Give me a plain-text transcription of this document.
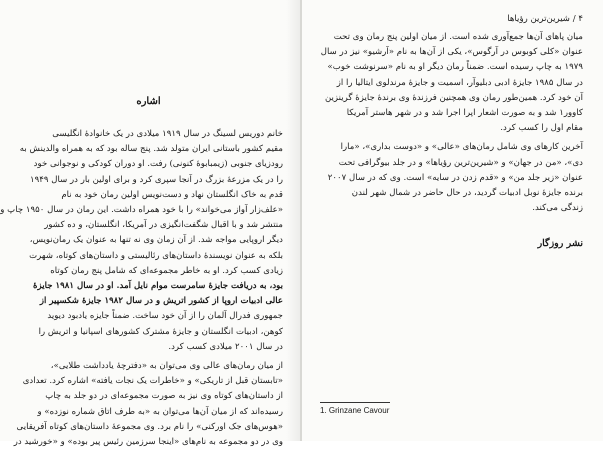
اشاره
خانم دوریس لسینگ در سال ۱۹۱۹ میلادی در یک خانوادهٔ انگلیسی
مقیم کشور باستانی ایران متولد شد. پنج ساله بود که به همراه والدینش به
رودزیای جنوبی (زیمبابوهٔ کنونی) رفت. او دوران کودکی و نوجوانی خود
را در یک مزرعهٔ بزرگ در آنجا سپری کرد و برای اولین بار در سال ۱۹۴۹
قدم به خاک انگلستان نهاد و دست‌نویس اولین رمان خود به نام
«علف‌زار آواز می‌خواند» را با خود همراه داشت. این رمان در سال ۱۹۵۰ چاپ و
منتشر شد و با اقبال شگفت‌انگیزی در آمریکا، انگلستان، و ده کشور
دیگر اروپایی مواجه شد. از آن زمان وی نه تنها به عنوان یک رمان‌نویس،
بلکه به عنوان نویسندهٔ داستان‌های رئالیستی و داستان‌های کوتاه، شهرت
زیادی کسب کرد. او به خاطر مجموعه‌ای که شامل پنج رمان کوتاه
بود، به دریافت جایزهٔ سامرست موام نایل آمد. او در سال ۱۹۸۱ جایزهٔ
عالی ادبیات اروپا از کشور اتریش و در سال ۱۹۸۲ جایزهٔ شکسپیر از
جمهوری فدرال آلمان را از آن خود ساخت. ضمناً جایزه یادبود دیوید
کوهن، ادبیات انگلستان و جایزهٔ مشترک کشورهای اسپانیا و اتریش را
در سال ۲۰۰۱ میلادی کسب کرد.
از میان رمان‌های عالی وی می‌توان به «دفترچهٔ یادداشت طلایی»،
«تابستان قبل از تاریکی» و «خاطرات یک نجات یافته» اشاره کرد. تعدادی
از داستان‌های کوتاه وی نیز به صورت مجموعه‌ای در دو جلد به چاپ
رسیده‌اند که از میان آن‌ها می‌توان به «به طرف اتاق شماره نوزده» و
«هوس‌های جک اورکنی» را نام برد. وی مجموعهٔ داستان‌های کوتاه آفریقایی
وی در دو مجموعه به نام‌های «اینجا سرزمین رئیس پیر بوده» و «خورشید در
۴ / شیرین‌ترین رؤیاها
میان پاهای آن‌ها جمع‌آوری شده است. از میان اولین پنج رمان وی تحت
عنوان «کلی کوبوس در آرگوس»، یکی از آن‌ها به نام «آرشیو» نیز در سال
۱۹۷۹ به چاپ رسیده است. ضمناً رمان دیگر او به نام «سرنوشت خوب»
در سال ۱۹۸۵ جایزهٔ ادبی دبلیوآر، اسمیت و جایزهٔ مرندلوی ایتالیا را از
آن خود کرد. همین‌طور رمان وی همچنین فرزندهٔ وی برندهٔ جایزهٔ گرینزین
کاوور۱ شد و به صورت اشعار اپرا اجرا شد و در شهر هاستر آمریکا
مقام اول را کسب کرد.
آخرین کارهای وی شامل رمان‌های «عالی» و «دوست بداری»، «مارا
دی»، «من در جهان» و «شیرین‌ترین رؤیاها» و در جلد بیوگرافی تحت
عنوان «زیر جلد من» و «قدم زدن در سایه» است. وی که در سال ۲۰۰۷
برنده جایزهٔ نوبل ادبیات گردید، در حال حاضر در شمال شهر لندن
زندگی می‌کند.
نشر روزگار
1. Grinzane Cavour
